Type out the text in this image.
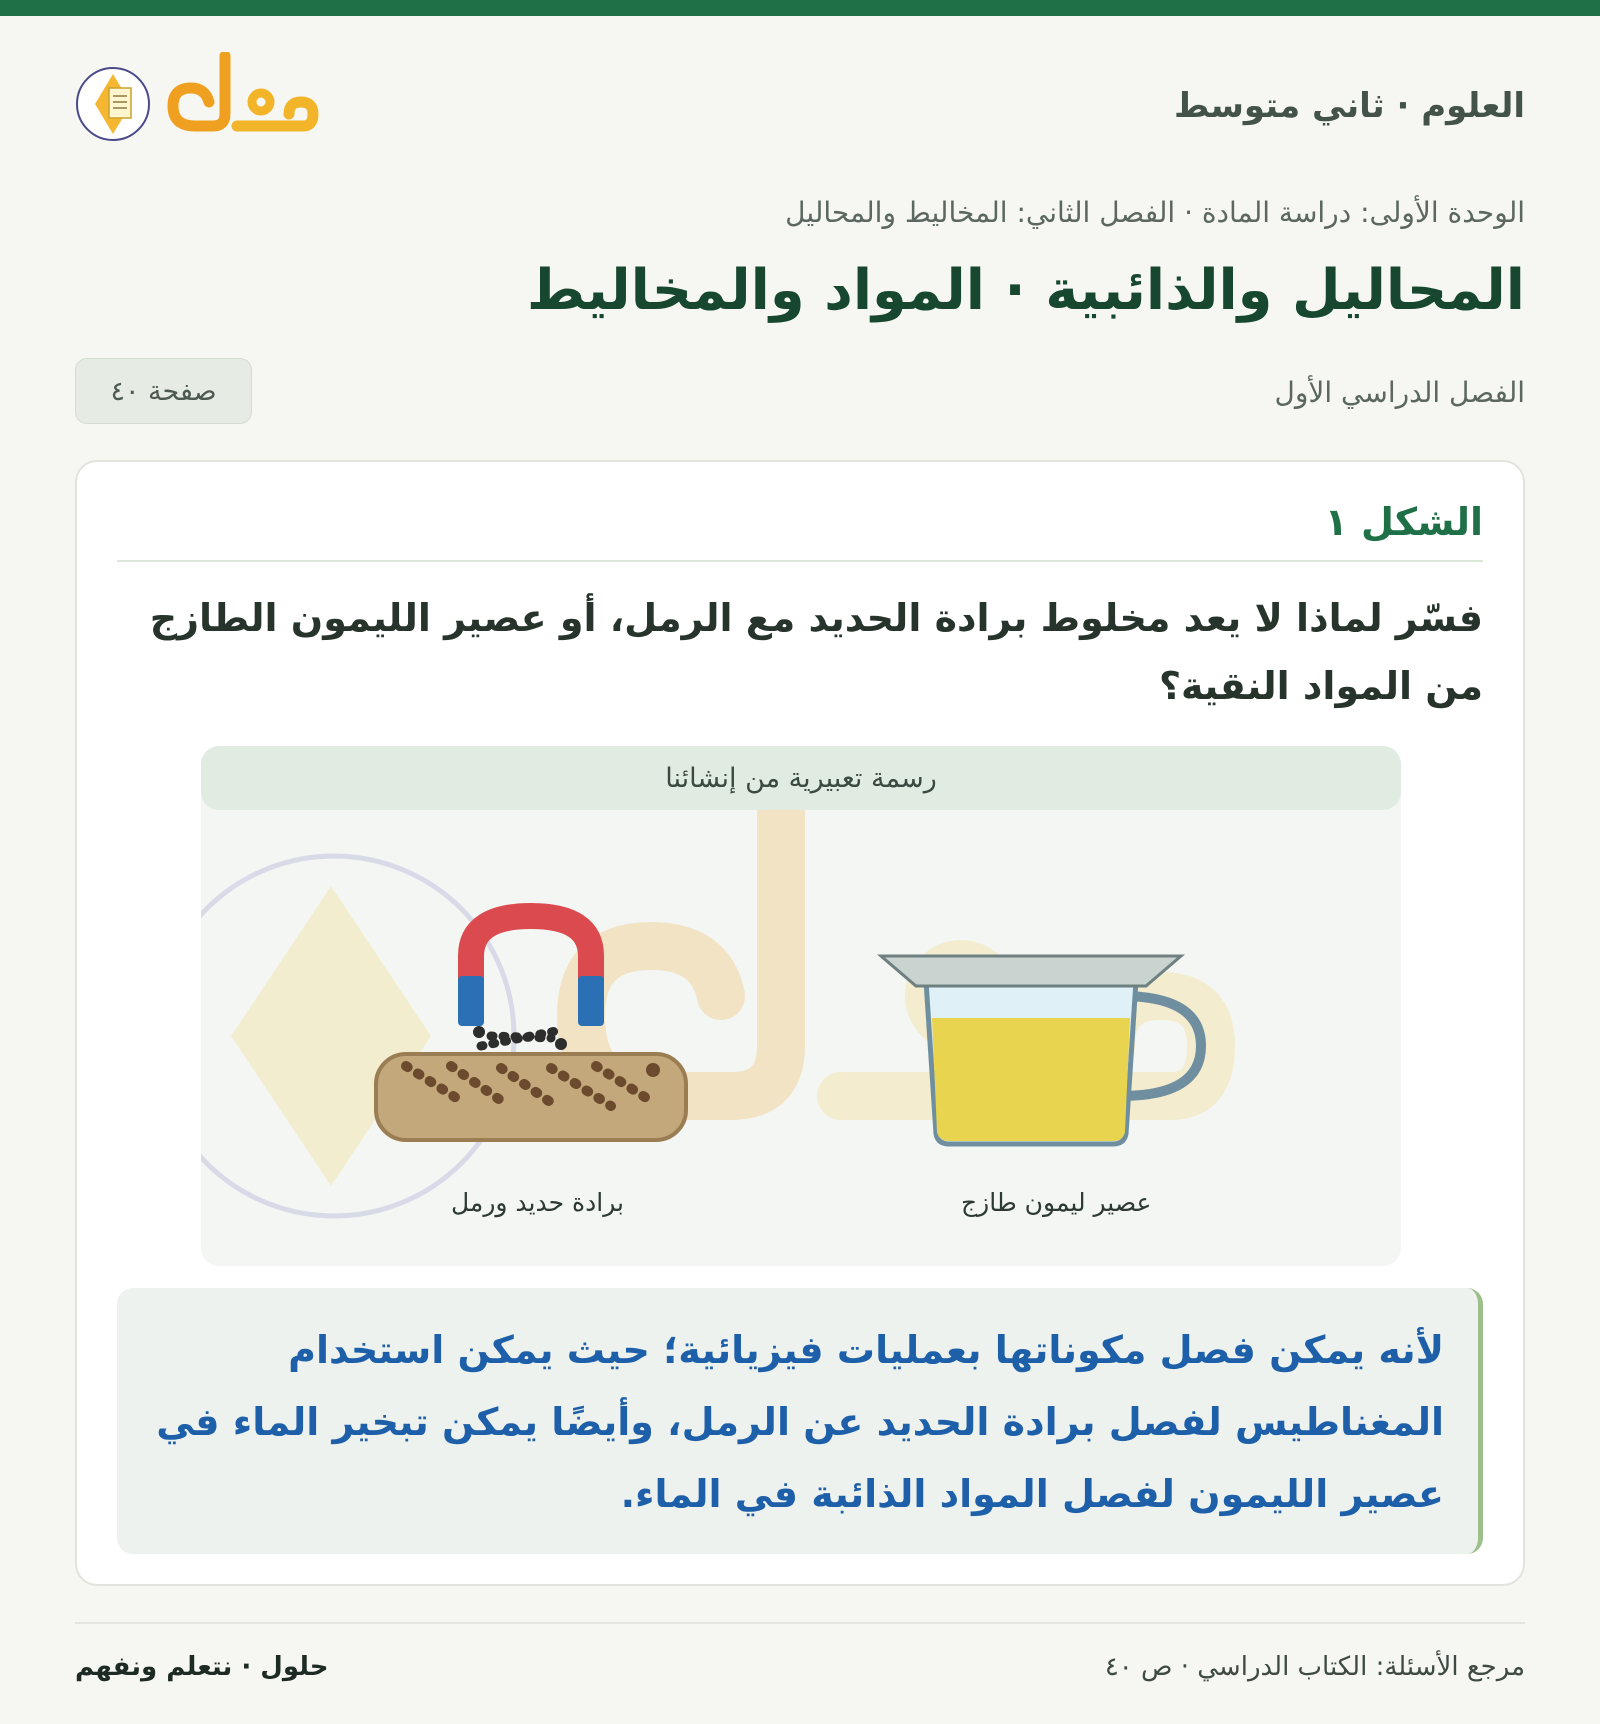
العلوم · ثاني متوسط
الوحدة الأولى: دراسة المادة · الفصل الثاني: المخاليط والمحاليل
المحاليل والذائبية · المواد والمخاليط
الفصل الدراسي الأول
صفحة ٤٠
الشكل ١
فسّر لماذا لا يعد مخلوط برادة الحديد مع الرمل، أو عصير الليمون الطازج من المواد النقية؟
رسمة تعبيرية من إنشائنا
عصير ليمون طازج
برادة حديد ورمل
لأنه يمكن فصل مكوناتها بعمليات فيزيائية؛ حيث يمكن استخدام المغناطيس لفصل برادة الحديد عن الرمل، وأيضًا يمكن تبخير الماء في عصير الليمون لفصل المواد الذائبة في الماء.
مرجع الأسئلة: الكتاب الدراسي · ص ٤٠
حلول · نتعلم ونفهم
